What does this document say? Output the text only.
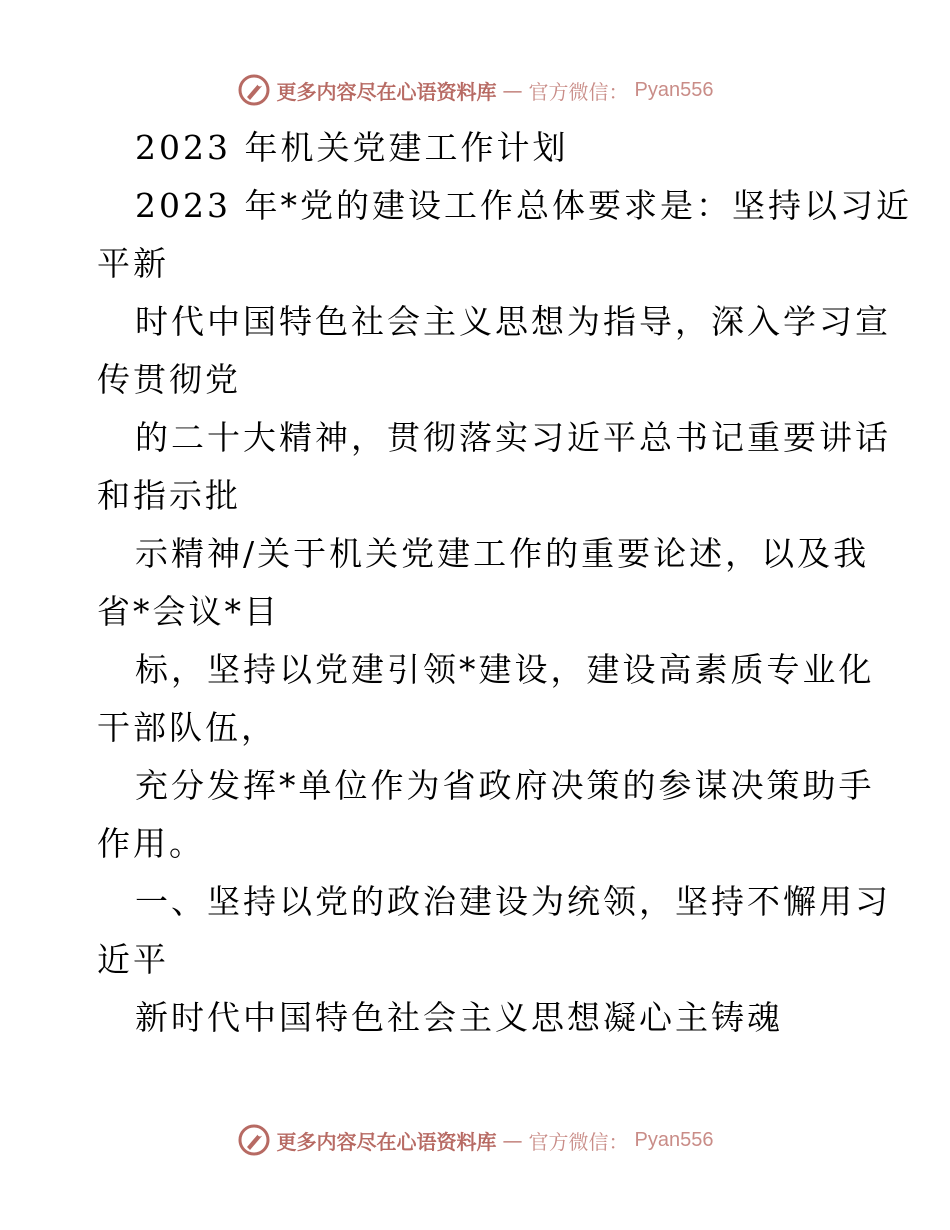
更多内容尽在心语资料库 — 官方微信： Pyan556
2023 年机关党建工作计划
2023 年*党的建设工作总体要求是：坚持以习近
平新
时代中国特色社会主义思想为指导，深入学习宣
传贯彻党
的二十大精神，贯彻落实习近平总书记重要讲话
和指示批
示精神/关于机关党建工作的重要论述，以及我
省*会议*目
标，坚持以党建引领*建设，建设高素质专业化
干部队伍，
充分发挥*单位作为省政府决策的参谋决策助手
作用。
一、坚持以党的政治建设为统领，坚持不懈用习
近平
新时代中国特色社会主义思想凝心主铸魂
更多内容尽在心语资料库 — 官方微信： Pyan556
